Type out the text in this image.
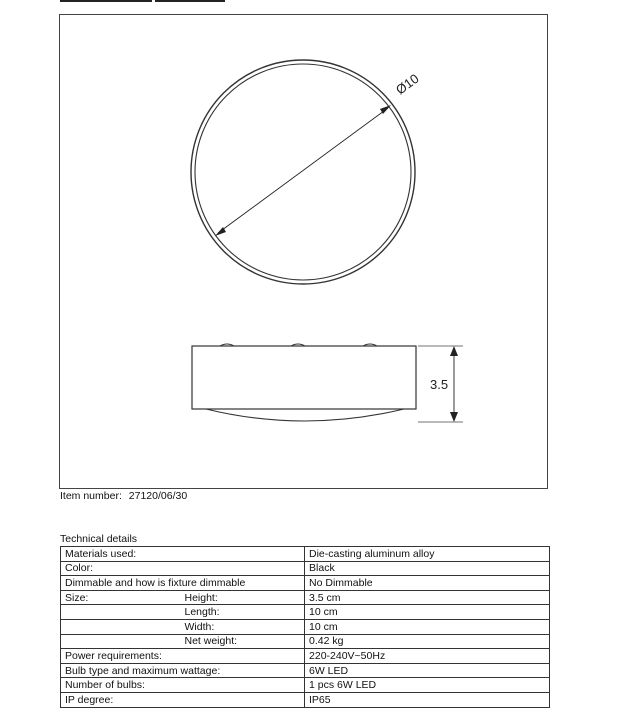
Ø10
3.5
Item number: 27120/06/30
Technical details
Materials used:		Die-casting aluminum alloy
Color:		Black
Dimmable and how is fixture dimmable		No Dimmable
Size:	Height:	3.5 cm
	Length:	10 cm
	Width:	10 cm
	Net weight:	0.42 kg
Power requirements:		220-240V~50Hz
Bulb type and maximum wattage:		6W LED
Number of bulbs:		1 pcs 6W LED
IP degree:		IP65
